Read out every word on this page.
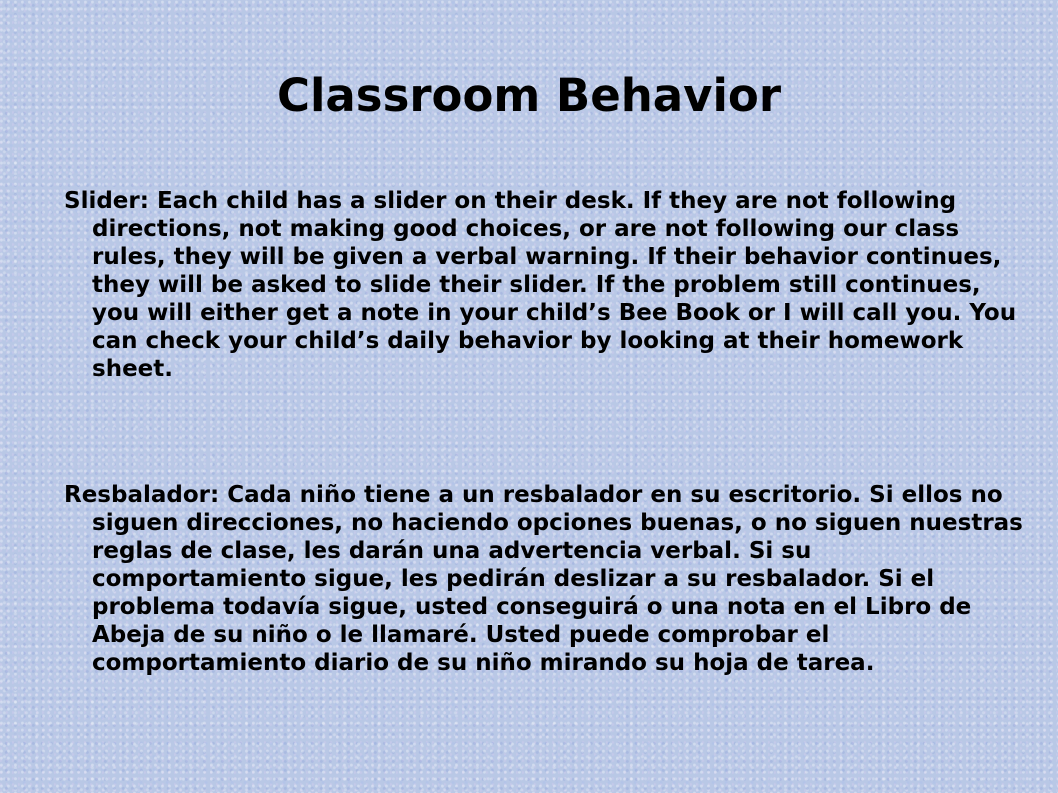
Classroom Behavior

Slider: Each child has a slider on their desk. If they are not following directions, not making good choices, or are not following our class rules, they will be given a verbal warning. If their behavior continues, they will be asked to slide their slider. If the problem still continues, you will either get a note in your child’s Bee Book or I will call you. You can check your child’s daily behavior by looking at their homework sheet.

Resbalador: Cada niño tiene a un resbalador en su escritorio. Si ellos no siguen direcciones, no haciendo opciones buenas, o no siguen nuestras reglas de clase, les darán una advertencia verbal. Si su comportamiento sigue, les pedirán deslizar a su resbalador. Si el problema todavía sigue, usted conseguirá o una nota en el Libro de Abeja de su niño o le llamaré. Usted puede comprobar el comportamiento diario de su niño mirando su hoja de tarea.
